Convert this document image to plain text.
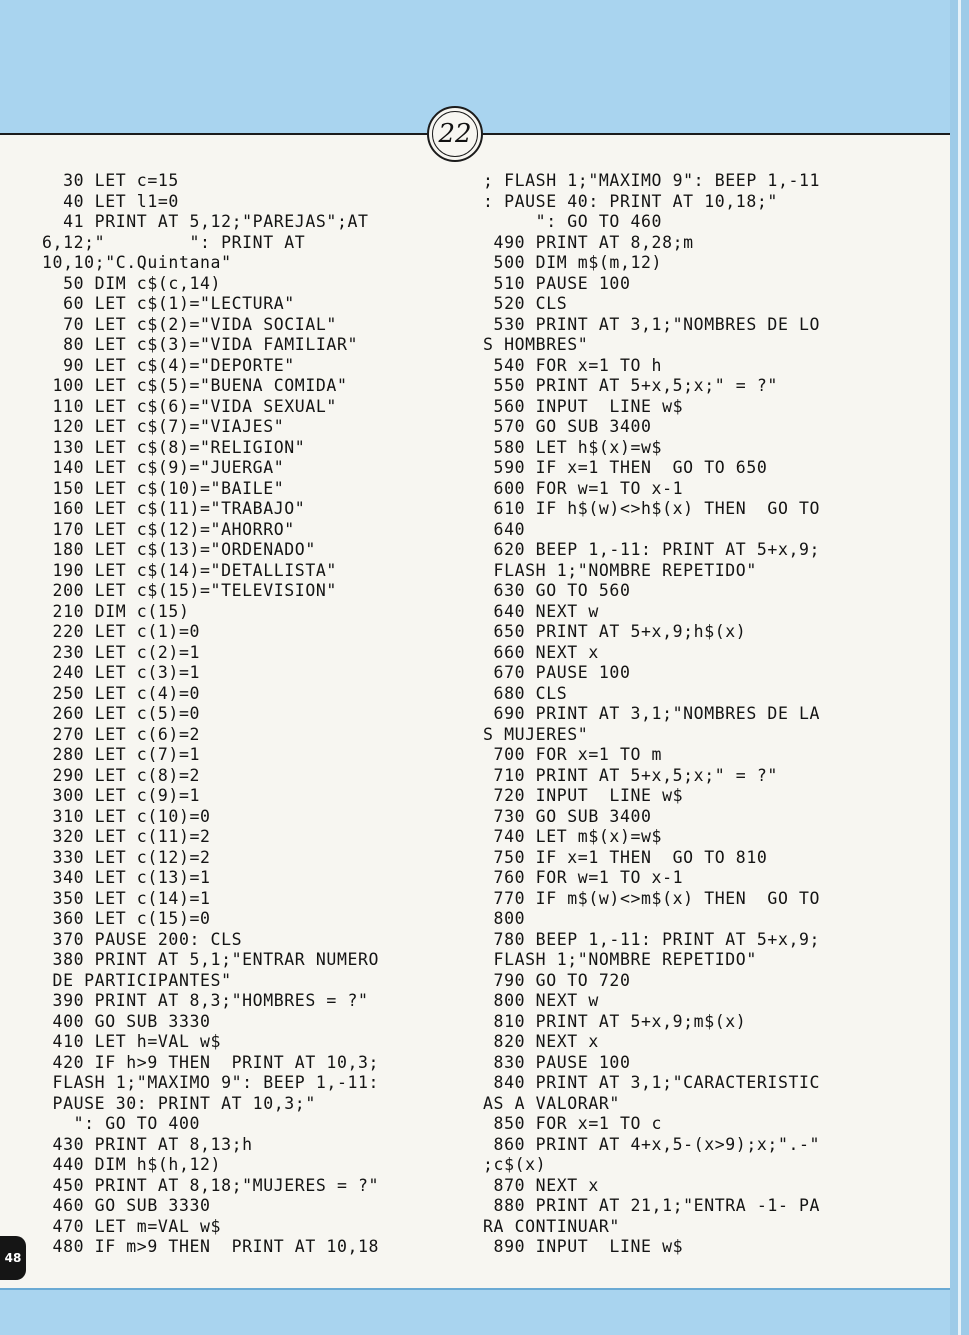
22
30 LET c=15
40 LET l1=0
41 PRINT AT 5,12;"PAREJAS";AT
6,12;"        ": PRINT AT
10,10;"C.Quintana"
50 DIM c$(c,14)
60 LET c$(1)="LECTURA"
70 LET c$(2)="VIDA SOCIAL"
80 LET c$(3)="VIDA FAMILIAR"
90 LET c$(4)="DEPORTE"
100 LET c$(5)="BUENA COMIDA"
110 LET c$(6)="VIDA SEXUAL"
120 LET c$(7)="VIAJES"
130 LET c$(8)="RELIGION"
140 LET c$(9)="JUERGA"
150 LET c$(10)="BAILE"
160 LET c$(11)="TRABAJO"
170 LET c$(12)="AHORRO"
180 LET c$(13)="ORDENADO"
190 LET c$(14)="DETALLISTA"
200 LET c$(15)="TELEVISION"
210 DIM c(15)
220 LET c(1)=0
230 LET c(2)=1
240 LET c(3)=1
250 LET c(4)=0
260 LET c(5)=0
270 LET c(6)=2
280 LET c(7)=1
290 LET c(8)=2
300 LET c(9)=1
310 LET c(10)=0
320 LET c(11)=2
330 LET c(12)=2
340 LET c(13)=1
350 LET c(14)=1
360 LET c(15)=0
370 PAUSE 200: CLS
380 PRINT AT 5,1;"ENTRAR NUMERO
DE PARTICIPANTES"
390 PRINT AT 8,3;"HOMBRES = ?"
400 GO SUB 3330
410 LET h=VAL w$
420 IF h>9 THEN  PRINT AT 10,3;
FLASH 1;"MAXIMO 9": BEEP 1,-11:
PAUSE 30: PRINT AT 10,3;"
": GO TO 400
430 PRINT AT 8,13;h
440 DIM h$(h,12)
450 PRINT AT 8,18;"MUJERES = ?"
460 GO SUB 3330
470 LET m=VAL w$
480 IF m>9 THEN  PRINT AT 10,18
; FLASH 1;"MAXIMO 9": BEEP 1,-11
: PAUSE 40: PRINT AT 10,18;"
": GO TO 460
490 PRINT AT 8,28;m
500 DIM m$(m,12)
510 PAUSE 100
520 CLS
530 PRINT AT 3,1;"NOMBRES DE LO
S HOMBRES"
540 FOR x=1 TO h
550 PRINT AT 5+x,5;x;" = ?"
560 INPUT  LINE w$
570 GO SUB 3400
580 LET h$(x)=w$
590 IF x=1 THEN  GO TO 650
600 FOR w=1 TO x-1
610 IF h$(w)<>h$(x) THEN  GO TO
640
620 BEEP 1,-11: PRINT AT 5+x,9;
FLASH 1;"NOMBRE REPETIDO"
630 GO TO 560
640 NEXT w
650 PRINT AT 5+x,9;h$(x)
660 NEXT x
670 PAUSE 100
680 CLS
690 PRINT AT 3,1;"NOMBRES DE LA
S MUJERES"
700 FOR x=1 TO m
710 PRINT AT 5+x,5;x;" = ?"
720 INPUT  LINE w$
730 GO SUB 3400
740 LET m$(x)=w$
750 IF x=1 THEN  GO TO 810
760 FOR w=1 TO x-1
770 IF m$(w)<>m$(x) THEN  GO TO
800
780 BEEP 1,-11: PRINT AT 5+x,9;
FLASH 1;"NOMBRE REPETIDO"
790 GO TO 720
800 NEXT w
810 PRINT AT 5+x,9;m$(x)
820 NEXT x
830 PAUSE 100
840 PRINT AT 3,1;"CARACTERISTIC
AS A VALORAR"
850 FOR x=1 TO c
860 PRINT AT 4+x,5-(x>9);x;".-"
;c$(x)
870 NEXT x
880 PRINT AT 21,1;"ENTRA -1- PA
RA CONTINUAR"
890 INPUT  LINE w$
48
